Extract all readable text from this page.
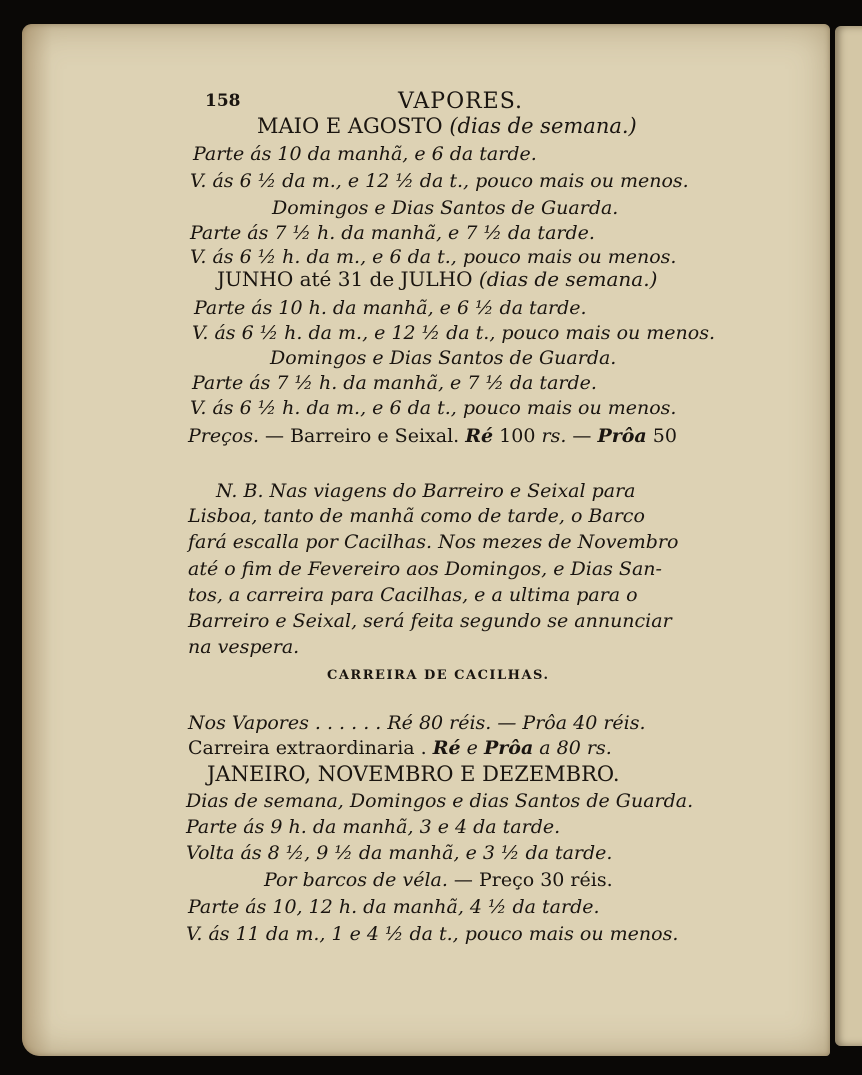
158	VAPORES.

MAIO E AGOSTO (dias de semana.)

Parte ás 10 da manhã, e 6 da tarde.

V. ás 6 ½ da m., e 12 ½ da t., pouco mais ou menos.

Domingos e Dias Santos de Guarda.

Parte ás 7 ½ h. da manhã, e 7 ½ da tarde.

V. ás 6 ½ h. da m., e 6 da t., pouco mais ou menos.

JUNHO até 31 de JULHO (dias de semana.)

Parte ás 10 h. da manhã, e 6 ½ da tarde.

V. ás 6 ½ h. da m., e 12 ½ da t., pouco mais ou menos.

Domingos e Dias Santos de Guarda.

Parte ás 7 ½ h. da manhã, e 7 ½ da tarde.

V. ás 6 ½ h. da m., e 6 da t., pouco mais ou menos.

Preços. — Barreiro e Seixal. Ré 100 rs. — Prôa 50

N. B. Nas viagens do Barreiro e Seixal para

Lisboa, tanto de manhã como de tarde, o Barco

fará escalla por Cacilhas. Nos mezes de Novembro

até o fim de Fevereiro aos Domingos, e Dias San-

tos, a carreira para Cacilhas, e a ultima para o

Barreiro e Seixal, será feita segundo se annunciar

na vespera.

CARREIRA DE CACILHAS.

Nos Vapores . . . . . . Ré 80 réis. — Prôa 40 réis.

Carreira extraordinaria . Ré e Prôa a 80 rs.

JANEIRO, NOVEMBRO E DEZEMBRO.

Dias de semana, Domingos e dias Santos de Guarda.

Parte ás 9 h. da manhã, 3 e 4 da tarde.

Volta ás 8 ½, 9 ½ da manhã, e 3 ½ da tarde.

Por barcos de véla. — Preço 30 réis.

Parte ás 10, 12 h. da manhã, 4 ½ da tarde.

V. ás 11 da m., 1 e 4 ½ da t., pouco mais ou menos.
